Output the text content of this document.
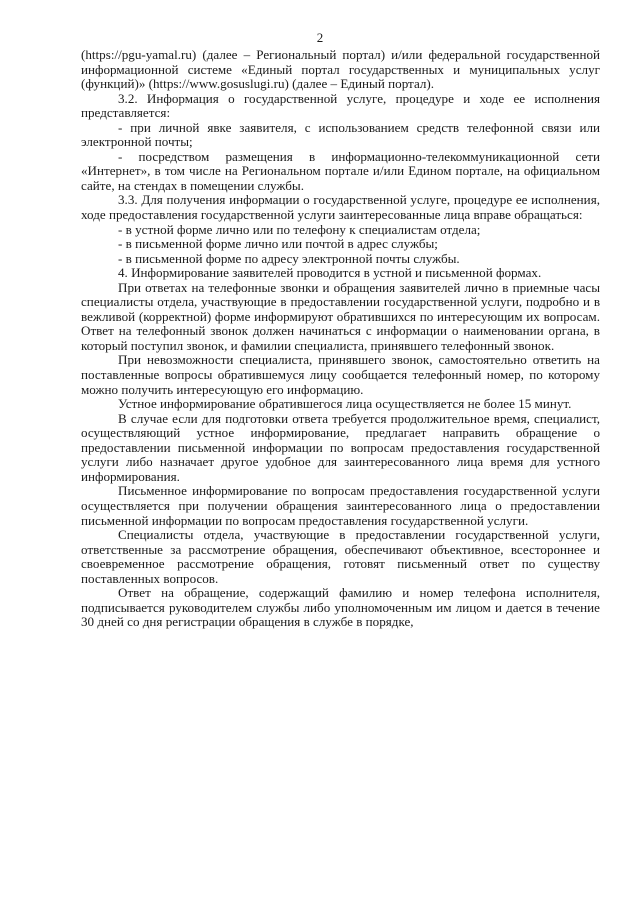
2

(https://pgu-yamal.ru) (далее – Региональный портал) и/или федеральной государственной информационной системе «Единый портал государственных и муниципальных услуг (функций)» (https://www.gosuslugi.ru) (далее – Единый портал).

3.2. Информация о государственной услуге, процедуре и ходе ее исполнения представляется:

- при личной явке заявителя, с использованием средств телефонной связи или электронной почты;

- посредством размещения в информационно-телекоммуникационной сети «Интернет», в том числе на Региональном портале и/или Едином портале, на официальном сайте, на стендах в помещении службы.

3.3. Для получения информации о государственной услуге, процедуре ее исполнения, ходе предоставления государственной услуги заинтересованные лица вправе обращаться:

- в устной форме лично или по телефону к специалистам отдела;

- в письменной форме лично или почтой в адрес службы;

- в письменной форме по адресу электронной почты службы.

4. Информирование заявителей проводится в устной и письменной формах.

При ответах на телефонные звонки и обращения заявителей лично в приемные часы специалисты отдела, участвующие в предоставлении государственной услуги, подробно и в вежливой (корректной) форме информируют обратившихся по интересующим их вопросам. Ответ на телефонный звонок должен начинаться с информации о наименовании органа, в который поступил звонок, и фамилии специалиста, принявшего телефонный звонок.

При невозможности специалиста, принявшего звонок, самостоятельно ответить на поставленные вопросы обратившемуся лицу сообщается телефонный номер, по которому можно получить интересующую его информацию.

Устное информирование обратившегося лица осуществляется не более 15 минут.

В случае если для подготовки ответа требуется продолжительное время, специалист, осуществляющий устное информирование, предлагает направить обращение о предоставлении письменной информации по вопросам предоставления государственной услуги либо назначает другое удобное для заинтересованного лица время для устного информирования.

Письменное информирование по вопросам предоставления государственной услуги осуществляется при получении обращения заинтересованного лица о предоставлении письменной информации по вопросам предоставления государственной услуги.

Специалисты отдела, участвующие в предоставлении государственной услуги, ответственные за рассмотрение обращения, обеспечивают объективное, всестороннее и своевременное рассмотрение обращения, готовят письменный ответ по существу поставленных вопросов.

Ответ на обращение, содержащий фамилию и номер телефона исполнителя, подписывается руководителем службы либо уполномоченным им лицом и дается в течение 30 дней со дня регистрации обращения в службе в порядке,
